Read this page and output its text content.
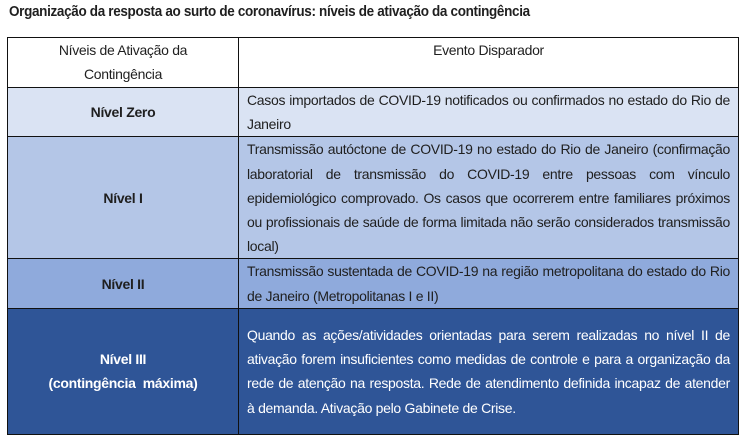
Organização da resposta ao surto de coronavírus: níveis de ativação da contingência
Níveis de Ativação da
Contingência	Evento Disparador

Nível Zero	Casos importados de COVID-19 notificados ou confirmados no estado do Rio de Janeiro

Nível I	Transmissão autóctone de COVID-19 no estado do Rio de Janeiro (confirmação laboratorial de transmissão do COVID-19 entre pessoas com vínculo epidemiológico comprovado. Os casos que ocorrerem entre familiares próximos ou profissionais de saúde de forma limitada não serão considerados transmissão local)

Nível II	Transmissão sustentada de COVID-19 na região metropolitana do estado do Rio de Janeiro (Metropolitanas I e II)

Nível III
(contingência  máxima)	Quando as ações/atividades orientadas para serem realizadas no nível II de ativação forem insuficientes como medidas de controle e para a organização da rede de atenção na resposta. Rede de atendimento definida incapaz de atender à demanda. Ativação pelo Gabinete de Crise.
